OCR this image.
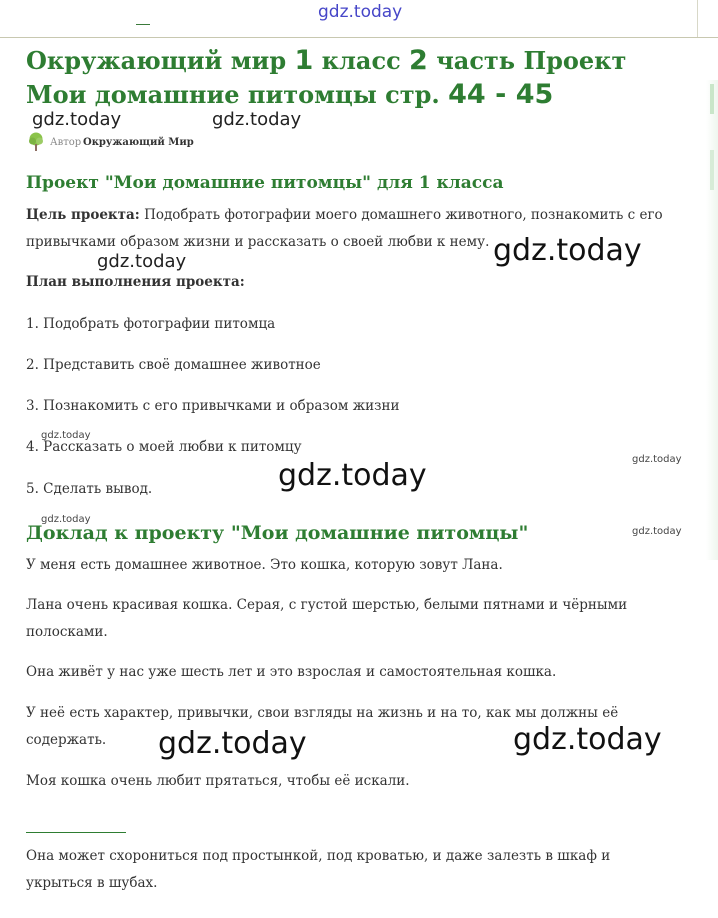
gdz.today
Окружающий мир 1 класс 2 часть Проект Мои домашние питомцы стр. 44 - 45
Автор Окружающий Мир
Проект "Мои домашние питомцы" для 1 класса

Цель проекта: Подобрать фотографии моего домашнего животного, познакомить с его привычками образом жизни и рассказать о своей любви к нему.

План выполнения проекта:

1. Подобрать фотографии питомца

2. Представить своё домашнее животное

3. Познакомить с его привычками и образом жизни

4. Рассказать о моей любви к питомцу

5. Сделать вывод.

Доклад к проекту "Мои домашние питомцы"

У меня есть домашнее животное. Это кошка, которую зовут Лана.

Лана очень красивая кошка. Серая, с густой шерстью, белыми пятнами и чёрными полосками.

Она живёт у нас уже шесть лет и это взрослая и самостоятельная кошка.

У неё есть характер, привычки, свои взгляды на жизнь и на то, как мы должны её содержать.

Моя кошка очень любит прятаться, чтобы её искали.

Она может схорониться под простынкой, под кроватью, и даже залезть в шкаф и укрыться в шубах.

gdz.today	gdz.today
gdz.today	gdz.today
gdz.today
gdz.today
gdz.today
gdz.today
gdz.today
gdz.today	gdz.today
